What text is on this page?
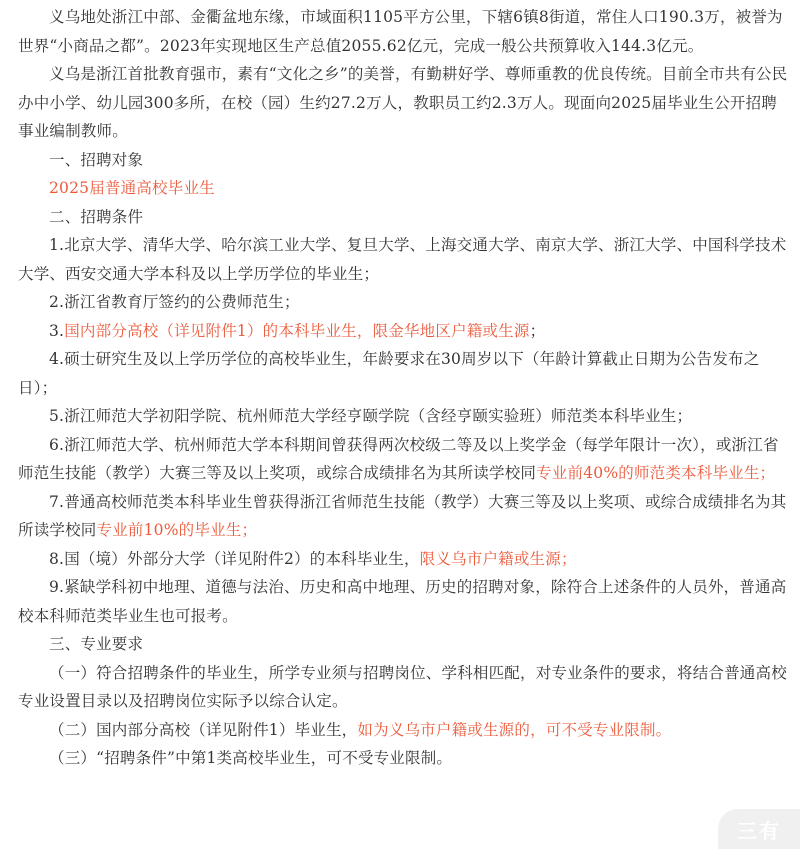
义乌地处浙江中部、金衢盆地东缘，市域面积1105平方公里，下辖6镇8街道，常住人口190.3万，被誉为世界“小商品之都”。2023年实现地区生产总值2055.62亿元，完成一般公共预算收入144.3亿元。

义乌是浙江首批教育强市，素有“文化之乡”的美誉，有勤耕好学、尊师重教的优良传统。目前全市共有公民办中小学、幼儿园300多所，在校（园）生约27.2万人，教职员工约2.3万人。现面向2025届毕业生公开招聘事业编制教师。

一、招聘对象

2025届普通高校毕业生

二、招聘条件

1.北京大学、清华大学、哈尔滨工业大学、复旦大学、上海交通大学、南京大学、浙江大学、中国科学技术大学、西安交通大学本科及以上学历学位的毕业生；

2.浙江省教育厅签约的公费师范生；

3.国内部分高校（详见附件1）的本科毕业生，限金华地区户籍或生源；

4.硕士研究生及以上学历学位的高校毕业生，年龄要求在30周岁以下（年龄计算截止日期为公告发布之日）；

5.浙江师范大学初阳学院、杭州师范大学经亨颐学院（含经亨颐实验班）师范类本科毕业生；

6.浙江师范大学、杭州师范大学本科期间曾获得两次校级二等及以上奖学金（每学年限计一次），或浙江省师范生技能（教学）大赛三等及以上奖项，或综合成绩排名为其所读学校同专业前40%的师范类本科毕业生；

7.普通高校师范类本科毕业生曾获得浙江省师范生技能（教学）大赛三等及以上奖项、或综合成绩排名为其所读学校同专业前10%的毕业生；

8.国（境）外部分大学（详见附件2）的本科毕业生，限义乌市户籍或生源；

9.紧缺学科初中地理、道德与法治、历史和高中地理、历史的招聘对象，除符合上述条件的人员外，普通高校本科师范类毕业生也可报考。

三、专业要求

（一）符合招聘条件的毕业生，所学专业须与招聘岗位、学科相匹配，对专业条件的要求，将结合普通高校专业设置目录以及招聘岗位实际予以综合认定。

（二）国内部分高校（详见附件1）毕业生，如为义乌市户籍或生源的，可不受专业限制。

（三）“招聘条件”中第1类高校毕业生，可不受专业限制。

三有
